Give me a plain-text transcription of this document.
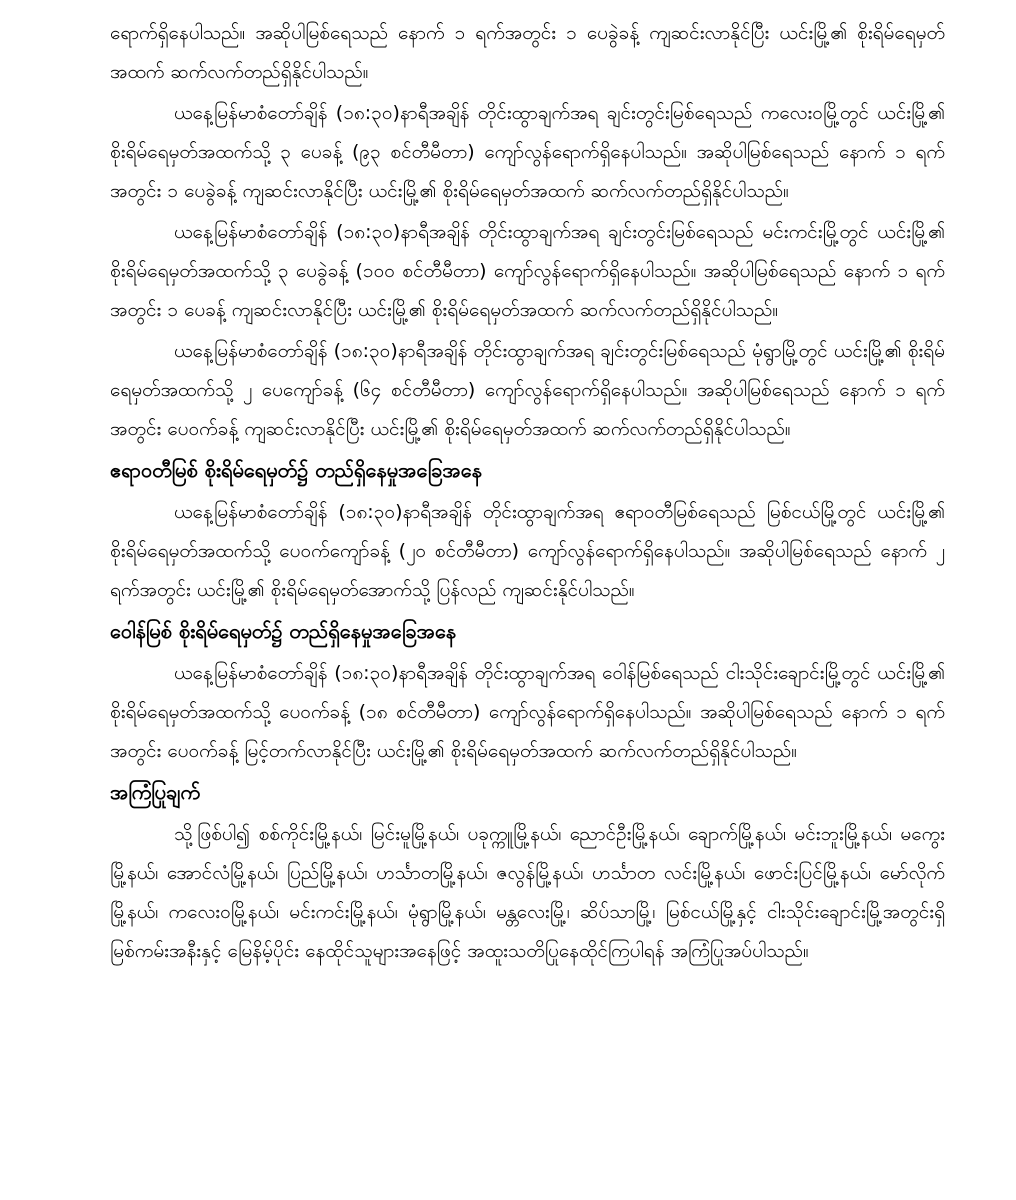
ရောက်ရှိနေပါသည်။ အဆိုပါမြစ်ရေသည် နောက် ၁ ရက်အတွင်း ၁ ပေခွဲခန့် ကျဆင်းလာနိုင်ပြီး ယင်းမြို့၏ စိုးရိမ်ရေမှတ်အထက် ဆက်လက်တည်ရှိနိုင်ပါသည်။

ယနေ့မြန်မာစံတော်ချိန် (၁၈:၃၀)နာရီအချိန် တိုင်းထွာချက်အရ ချင်းတွင်းမြစ်ရေသည် ကလေးဝမြို့တွင် ယင်းမြို့၏ စိုးရိမ်ရေမှတ်အထက်သို့ ၃ ပေခန့် (၉၃ စင်တီမီတာ) ကျော်လွန်ရောက်ရှိနေပါသည်။ အဆိုပါမြစ်ရေသည် နောက် ၁ ရက်အတွင်း ၁ ပေခွဲခန့် ကျဆင်းလာနိုင်ပြီး ယင်းမြို့၏ စိုးရိမ်ရေမှတ်အထက် ဆက်လက်တည်ရှိနိုင်ပါသည်။

ယနေ့မြန်မာစံတော်ချိန် (၁၈:၃၀)နာရီအချိန် တိုင်းထွာချက်အရ ချင်းတွင်းမြစ်ရေသည် မင်းကင်းမြို့တွင် ယင်းမြို့၏ စိုးရိမ်ရေမှတ်အထက်သို့ ၃ ပေခွဲခန့် (၁၀၀ စင်တီမီတာ) ကျော်လွန်ရောက်ရှိနေပါသည်။ အဆိုပါမြစ်ရေသည် နောက် ၁ ရက်အတွင်း ၁ ပေခန့် ကျဆင်းလာနိုင်ပြီး ယင်းမြို့၏ စိုးရိမ်ရေမှတ်အထက် ဆက်လက်တည်ရှိနိုင်ပါသည်။

ယနေ့မြန်မာစံတော်ချိန် (၁၈:၃၀)နာရီအချိန် တိုင်းထွာချက်အရ ချင်းတွင်းမြစ်ရေသည် မုံရွာမြို့တွင် ယင်းမြို့၏ စိုးရိမ်ရေမှတ်အထက်သို့ ၂ ပေကျော်ခန့် (၆၄ စင်တီမီတာ) ကျော်လွန်ရောက်ရှိနေပါသည်။ အဆိုပါမြစ်ရေသည် နောက် ၁ ရက်အတွင်း ပေဝက်ခန့် ကျဆင်းလာနိုင်ပြီး ယင်းမြို့၏ စိုးရိမ်ရေမှတ်အထက် ဆက်လက်တည်ရှိနိုင်ပါသည်။

ဧရာဝတီမြစ် စိုးရိမ်ရေမှတ်၌ တည်ရှိနေမှုအခြေအနေ

ယနေ့မြန်မာစံတော်ချိန် (၁၈:၃၀)နာရီအချိန် တိုင်းထွာချက်အရ ဧရာဝတီမြစ်ရေသည် မြစ်ငယ်မြို့တွင် ယင်းမြို့၏ စိုးရိမ်ရေမှတ်အထက်သို့ ပေဝက်ကျော်ခန့် (၂၀ စင်တီမီတာ) ကျော်လွန်ရောက်ရှိနေပါသည်။ အဆိုပါမြစ်ရေသည် နောက် ၂ ရက်အတွင်း ယင်းမြို့၏ စိုးရိမ်ရေမှတ်အောက်သို့ ပြန်လည် ကျဆင်းနိုင်ပါသည်။

ဝေါန်မြစ် စိုးရိမ်ရေမှတ်၌ တည်ရှိနေမှုအခြေအနေ

ယနေ့မြန်မာစံတော်ချိန် (၁၈:၃၀)နာရီအချိန် တိုင်းထွာချက်အရ ဝေါန်မြစ်ရေသည် ငါးသိုင်းချောင်းမြို့တွင် ယင်းမြို့၏ စိုးရိမ်ရေမှတ်အထက်သို့ ပေဝက်ခန့် (၁၈ စင်တီမီတာ) ကျော်လွန်ရောက်ရှိနေပါသည်။ အဆိုပါမြစ်ရေသည် နောက် ၁ ရက်အတွင်း ပေဝက်ခန့် မြင့်တက်လာနိုင်ပြီး ယင်းမြို့၏ စိုးရိမ်ရေမှတ်အထက် ဆက်လက်တည်ရှိနိုင်ပါသည်။

အကြံပြုချက်

သို့ဖြစ်ပါ၍ စစ်ကိုင်းမြို့နယ်၊ မြင်းမူမြို့နယ်၊ ပခုက္ကူမြို့နယ်၊ ညောင်ဦးမြို့နယ်၊ ချောက်မြို့နယ်၊ မင်းဘူးမြို့နယ်၊ မကွေးမြို့နယ်၊ အောင်လံမြို့နယ်၊ ပြည်မြို့နယ်၊ ဟင်္သာတမြို့နယ်၊ ဇလွန်မြို့နယ်၊ ဟင်္သာတ လင်းမြို့နယ်၊ ဖောင်းပြင်မြို့နယ်၊ မော်လိုက်မြို့နယ်၊ ကလေးဝမြို့နယ်၊ မင်းကင်းမြို့နယ်၊ မုံရွာမြို့နယ်၊ မန္တလေးမြို့၊ ဆိပ်သာမြို့၊ မြစ်ငယ်မြို့နှင့် ငါးသိုင်းချောင်းမြို့အတွင်းရှိ မြစ်ကမ်းအနီးနှင့် မြေနိမ့်ပိုင်း နေထိုင်သူများအနေဖြင့် အထူးသတိပြုနေထိုင်ကြပါရန် အကြံပြုအပ်ပါသည်။
